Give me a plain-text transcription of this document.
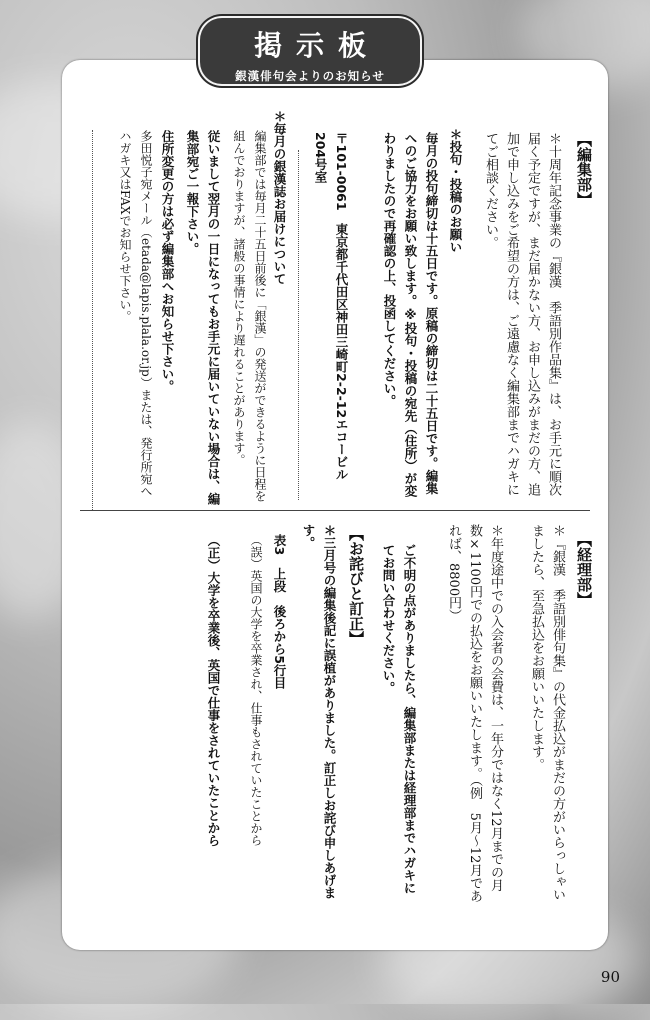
掲示板
銀漢俳句会よりのお知らせ
【編集部】
＊十周年記念事業の『銀漢　季語別作品集』は、お手元に順次届く予定ですが、まだ届かない方、お申し込みがまだの方、追加で申し込みをご希望の方は、ご遠慮なく編集部までハガキにてご相談ください。
＊投句・投稿のお願い
毎月の投句締切は十五日です。原稿の締切は二十五日です。編集へのご協力をお願い致します。※投句・投稿の宛先（住所）が変わりましたので再確認の上、投函してください。
〒101-0061　東京都千代田区神田三崎町2-2-12エコービル204号室
＊毎月の銀漢誌お届けについて
編集部では毎月二十五日前後に「銀漢」の発送ができるように日程を組んでおりますが、諸般の事情により遅れることがあります。
従いまして翌月の一日になってもお手元に届いていない場合は、編集部宛ご一報下さい。
住所変更の方は必ず編集部へお知らせ下さい。
多田悦子宛メール（etada@lapis.plala.or.jp）または、発行所宛へハガキ又はFAXでお知らせ下さい。
【経理部】
＊『銀漢　季語別俳句集』の代金払込がまだの方がいらっしゃいましたら、至急払込をお願いいたします。
＊年度途中での入会者の会費は、一年分ではなく12月までの月数×1100円での払込をお願いいたします。（例　5月〜12月であれば、8800円）
ご不明の点がありましたら、編集部または経理部までハガキにてお問い合わせください。
【お詫びと訂正】
＊三月号の編集後記に誤植がありました。訂正しお詫び申しあげます。
表3　上段　後ろから5行目
（誤）英国の大学を卒業され、仕事もされていたことから
（正）大学を卒業後、英国で仕事をされていたことから
90
